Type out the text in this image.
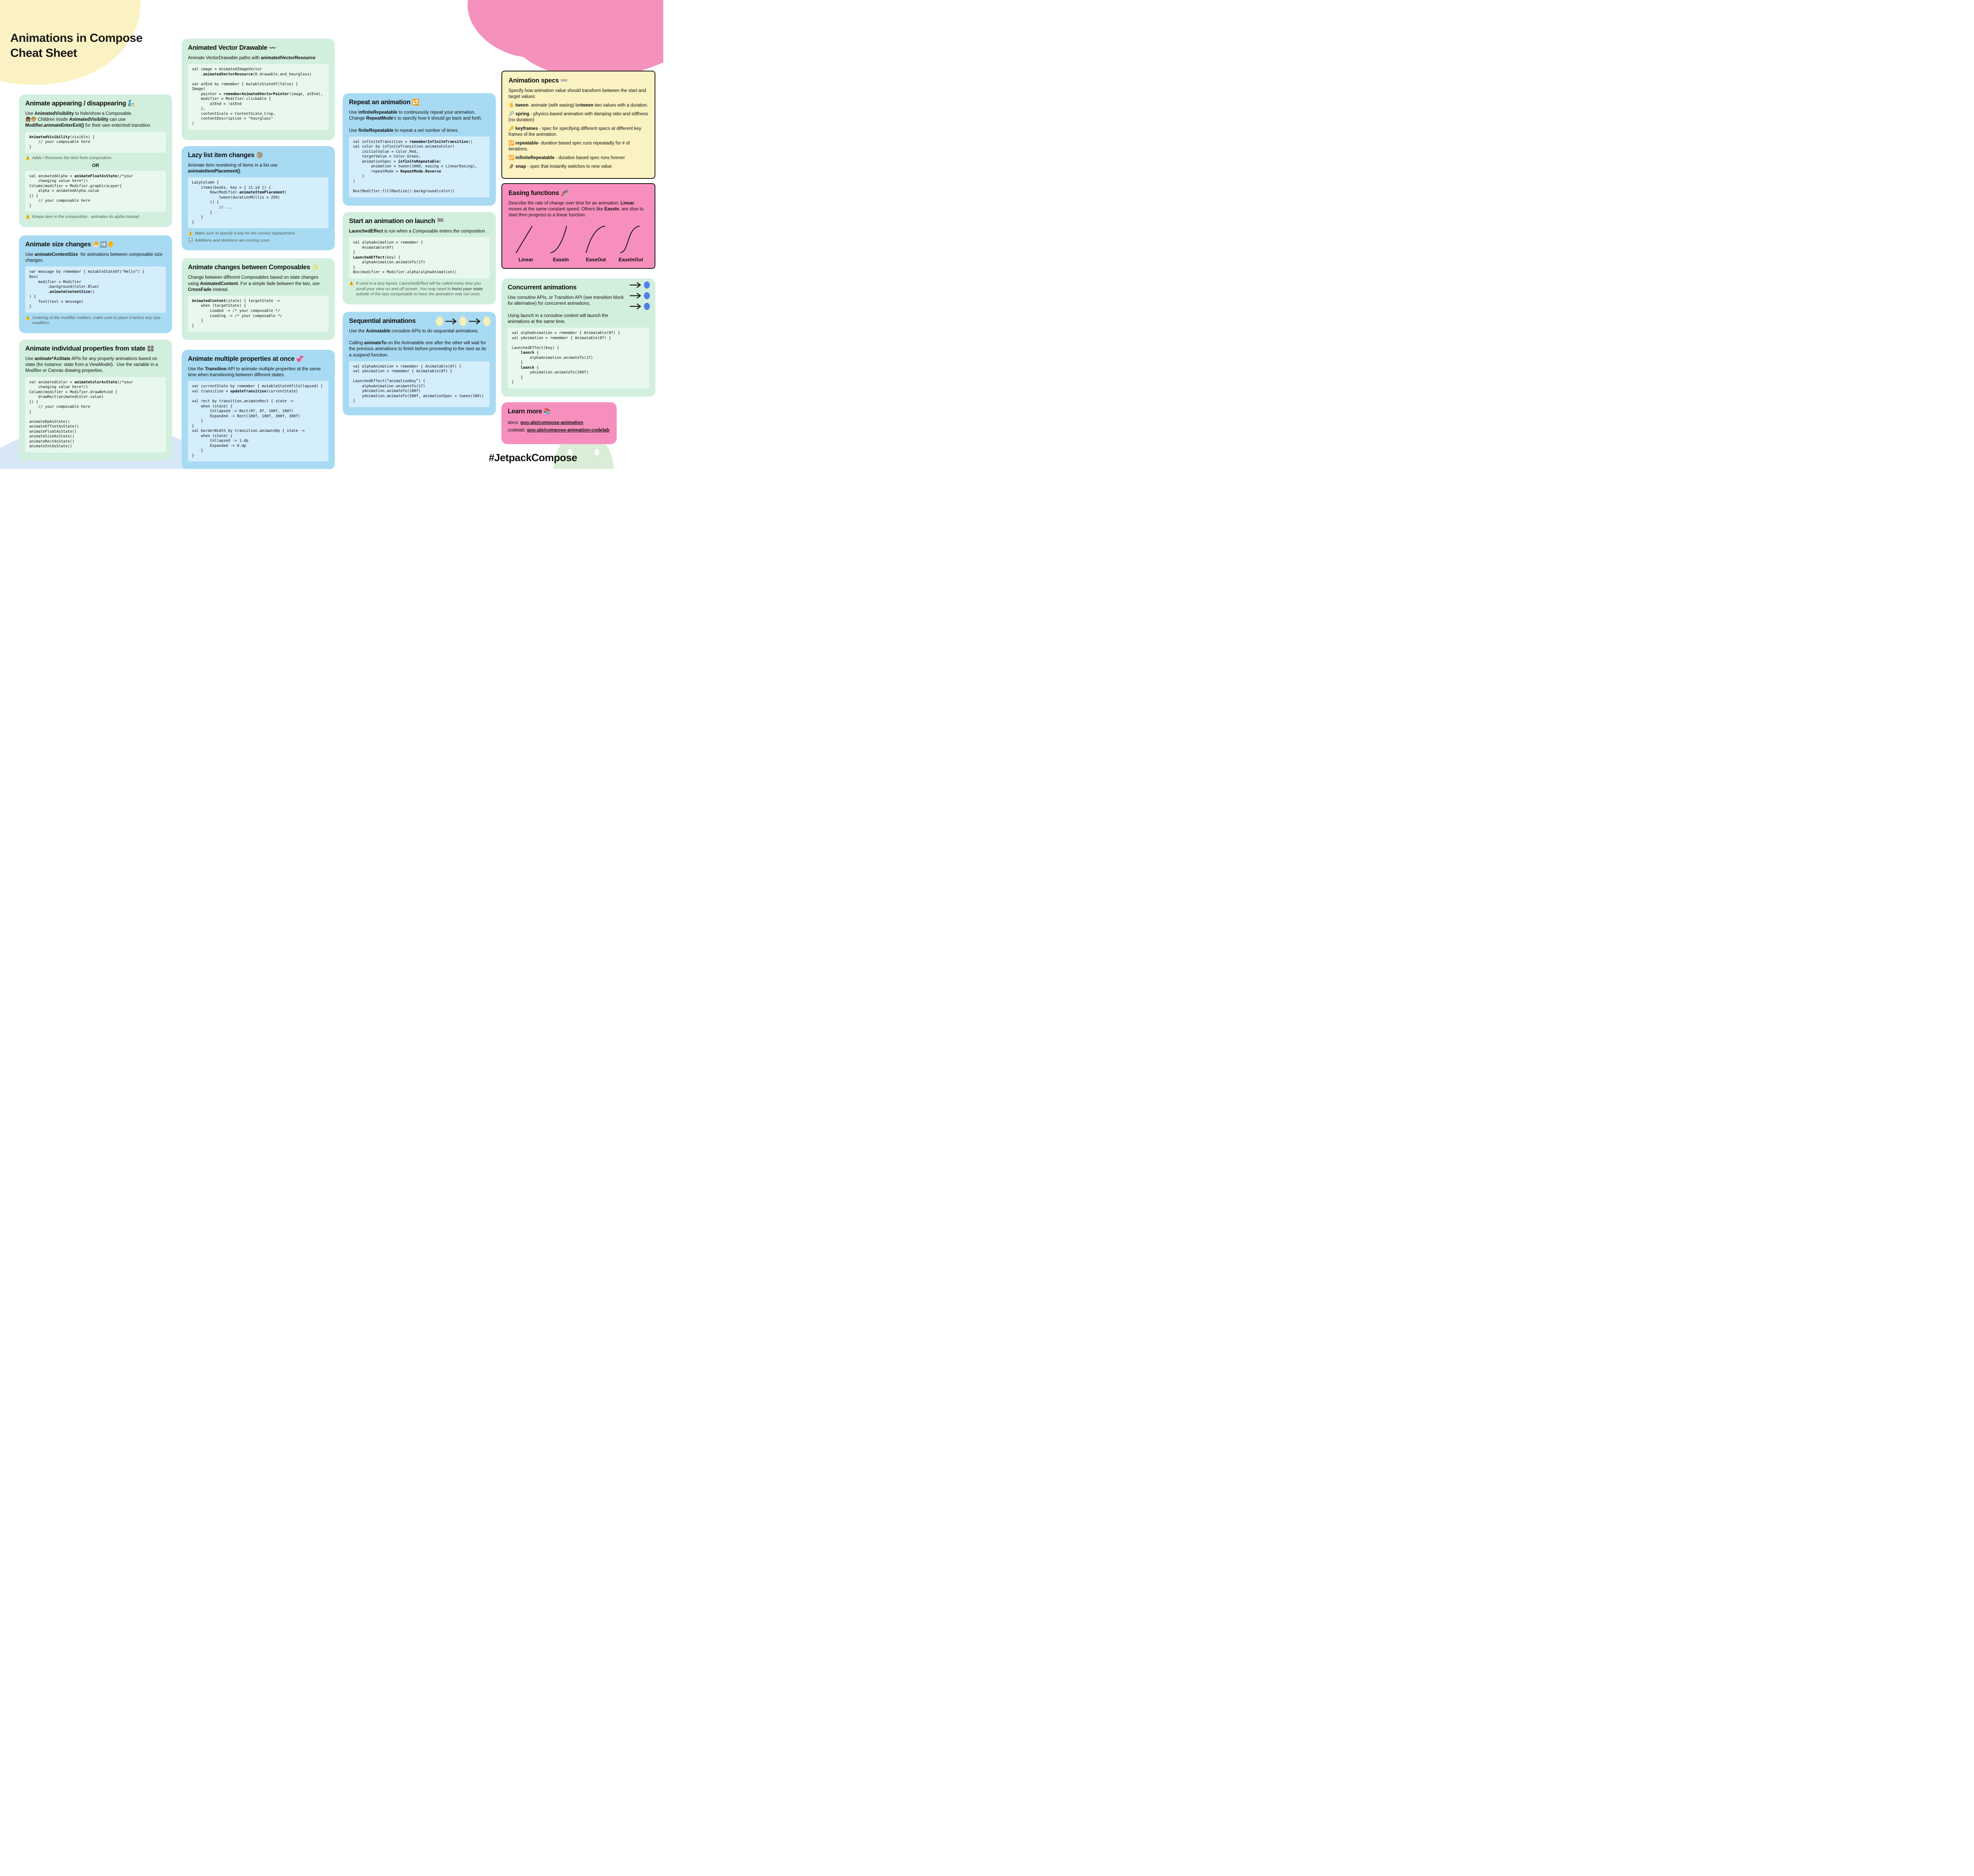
Animations in Compose
Cheat Sheet
Animate appearing / disappearing 🧞

Use AnimatedVisibility to hide/show a Composable.
👧🏽🧒🏼 Children inside AnimatedVisibility can use Modifier.animateEnterExit() for their own enter/exit transition.

AnimatedVisibility(visible) {
// your composable here
}
⚠️ Adds / Removes the item from composition.
OR
val animatedAlpha = animateFloatAsState(/*your
changing value here*/)
Column(modifier = Modifier.graphicsLayer{
alpha = animatedAlpha.value
}) {
// your composable here
}
⚠️ Keeps item in the composition - animates its alpha instead
Animate size changes 🐣➡️🐥

Use animateContentSize  for animations between composable size changes.

var message by remember { mutableStateOf("Hello") }
Box(
modifier = Modifier
.background(Color.Blue)
.animateContentSize()
) {
Text(text = message)
}
⚠️ Ordering of the modifier matters, make sure to place it before any size modifiers.
Animate individual properties from state 🎛️

Use animate*AsState APIs for any property animations based on state (for instance: state from a ViewModel).  Use the variable in a Modifier or Canvas drawing properties.

val animatedColor = animateColorAsState(/*your
changing value here*/)
Column(modifier = Modifier.drawBehind {
drawRect(animatedColor.value)
}) {
// your composable here
}

animateDpAsState()
animateOffsetAsState()
animateFloatAsState()
animateSizeAsState()
animateRectAsState()
animateIntAsState()
Animated Vector Drawable 〰️

Animate VectorDrawable paths with animatedVectorResource

val image = AnimatedImageVector
.animatedVectorResource(R.drawable.avd_hourglass)

var atEnd by remember { mutableStateOf(false) }
Image(
painter = rememberAnimatedVectorPainter(image, atEnd),
modifier = Modifier.clickable {
atEnd = !atEnd
},
contentScale = ContentScale.Crop,
contentDescription = "hourglass"
)
Lazy list item changes 🦥

Animate item reordering of items in a list use animateItemPlacement().

LazyColumn {
items(books, key = { it.id }) {
Row(Modifier.animateItemPlacement(
tween(durationMillis = 250)
)) {
// ...
}
}
}
⚠️ Make sure to specify a key for the correct replacement.
🔜 Additions and deletions are coming soon.
Animate changes between Composables ✨

Change between different Composables based on state changes using AnimatedContent. For a simple fade between the two, use CrossFade instead.

AnimatedContent(state) { targetState ->
when (targetState) {
Loaded -> /* your composable */
Loading -> /* your composable */
}
}
Animate multiple properties at once 💞

Use the Transition API to animate multiple properties at the same time when transitioning between different states.

var currentState by remember { mutableStateOf(Collapsed) }
val transition = updateTransition(currentState)

val rect by transition.animateRect { state ->
when (state) {
Collapsed -> Rect(0f, 0f, 100f, 100f)
Expanded -> Rect(100f, 100f, 300f, 300f)
}
}
val borderWidth by transition.animateDp { state ->
when (state) {
Collapsed -> 1.dp
Expanded -> 0.dp
}
}
Repeat an animation 🔁

Use infiniteRepeatable to continuously repeat your animation. Change RepeatMode's to specify how it should go back and forth.

Use finiteRepeatable to repeat a set number of times.

val infiniteTransition = rememberInfiniteTransition()
val color by infiniteTransition.animateColor(
initialValue = Color.Red,
targetValue = Color.Green,
animationSpec = infiniteRepeatable(
animation = tween(1000, easing = LinearEasing),
repeatMode = RepeatMode.Reverse
)
)

Box(Modifier.fillMaxSize().background(color))
Start an animation on launch 🏁

LaunchedEffect is run when a Composable enters the composition.

val alphaAnimation = remember {
Animatable(0f)
}
LaunchedEffect(key) {
alphaAnimation.animateTo(1f)
}
Box(modifier = Modifier.alpha(alphaAnimation))
⚠️ If used in a lazy layout, LaunchedEffect will be called every time you scroll your view on and off screen. You may need to hoist your state outside of the lazy composable to have the animation only run once.
Sequential animations

Use the Animatable coroutine APIs to do sequential animations.

Calling animateTo on the Animatable one after the other will wait for the previous animations to finish before proceeding to the next as its a suspend function.

val alphaAnimation = remember { Animatable(0f) }
val yAnimation = remember { Animatable(0f) }

LaunchedEffect(“animationKey”) {
alphaAnimation.animateTo(1f)
yAnimation.animateTo(100f)
yAnimation.animateTo(500f, animationSpec = tween(100))
}
Animation specs 👓

Specify how animation value should transform between the start and target values:

🖖 tween- animate (with easing) between two values with a duration.
🎾 spring - physics-based animation with damping ratio and stiffness (no duration)
🔑 keyframes - spec for specifying different specs at different key frames of the animation.
🔁 repeatable- duration based spec runs repeatadly for # of iterations.
🔁 infiniteRepeatable - duration based spec runs forever
🤌🏽 snap - spec that instantly switches to new value
Easing functions 🎢

Describe the rate of change over time for an animation. Linear moves at the same constant speed. Others like EaseIn, are slow to start then progress to a linear function.

Linear	EaseIn	EaseOut	EaseInOut
Concurrent animations

Use coroutine APIs, or Transition API (see transition block for alternative) for concurrent animations.

Using launch in a coroutine context will launch the animations at the same time.

val alphaAnimation = remember { Animatable(0f) }
val yAnimation = remember { Animatable(0f) }

LaunchedEffect(key) {
launch {
alphaAnimation.animateTo(1f)
}
launch {
yAnimation.animateTo(100f)
}
}
Learn more 📚
docs: goo.gle/compose-animation
codelab: goo.gle/compose-animation-codelab
#JetpackCompose
